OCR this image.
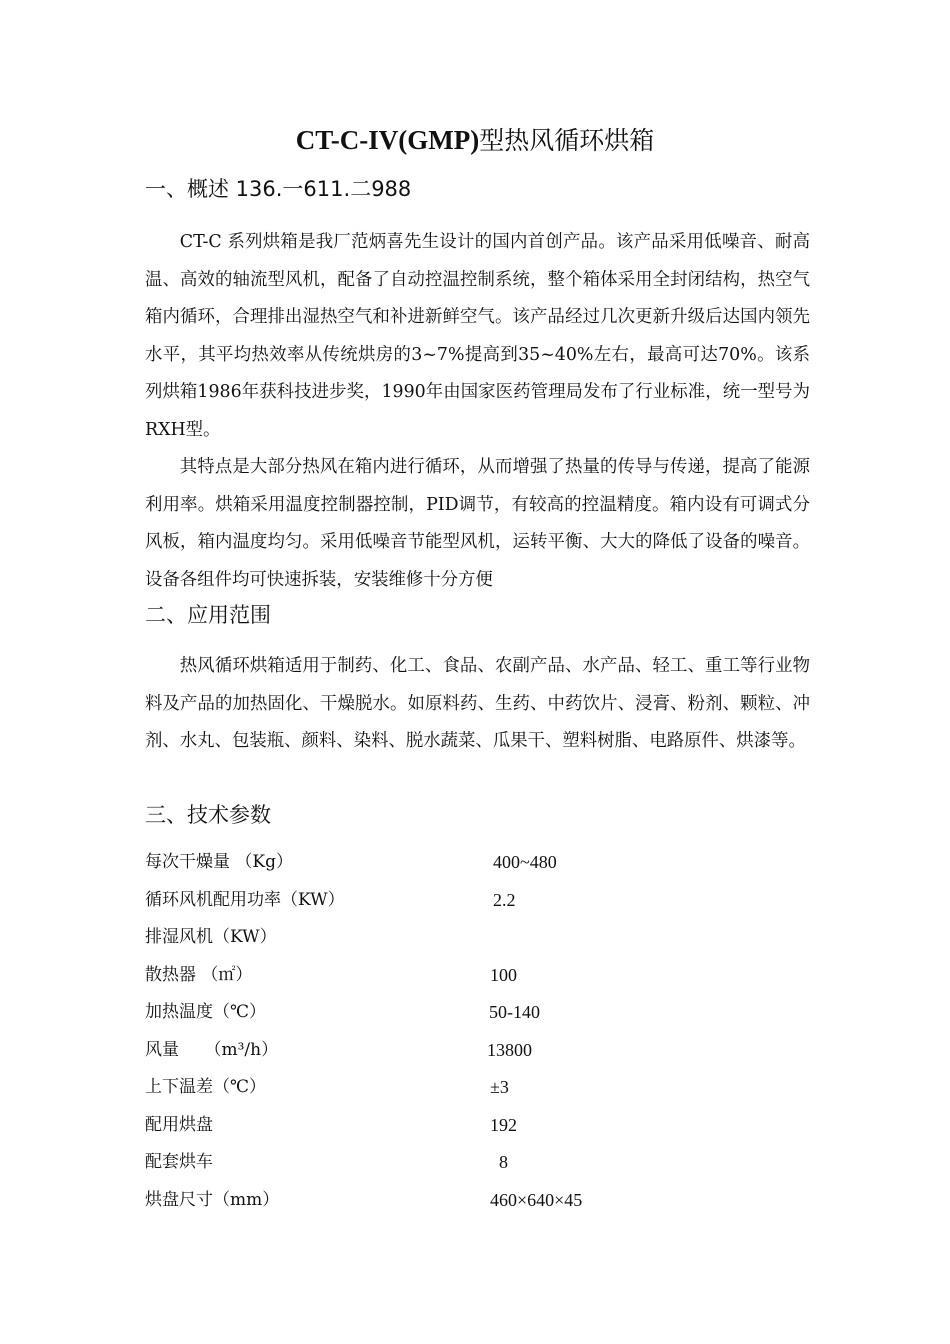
CT-C-IV(GMP)型热风循环烘箱
一、概述 136.一611.二988

CT-C 系列烘箱是我厂范炳喜先生设计的国内首创产品。该产品采用低噪音、耐高温、高效的轴流型风机，配备了自动控温控制系统，整个箱体采用全封闭结构，热空气箱内循环，合理排出湿热空气和补进新鲜空气。该产品经过几次更新升级后达国内领先水平，其平均热效率从传统烘房的3~7%提高到35~40%左右，最高可达70%。该系列烘箱1986年获科技进步奖，1990年由国家医药管理局发布了行业标准，统一型号为RXH型。

其特点是大部分热风在箱内进行循环，从而增强了热量的传导与传递，提高了能源利用率。烘箱采用温度控制器控制，PID调节，有较高的控温精度。箱内设有可调式分风板，箱内温度均匀。采用低噪音节能型风机，运转平衡、大大的降低了设备的噪音。设备各组件均可快速拆装，安装维修十分方便

二、应用范围

热风循环烘箱适用于制药、化工、食品、农副产品、水产品、轻工、重工等行业物料及产品的加热固化、干燥脱水。如原料药、生药、中药饮片、浸膏、粉剂、颗粒、冲剂、水丸、包装瓶、颜料、染料、脱水蔬菜、瓜果干、塑料树脂、电路原件、烘漆等。

三、技术参数
每次干燥量 （Kg）	400~480
循环风机配用功率（KW）	2.2
排湿风机（KW）
散热器 （㎡）	100
加热温度（℃）	50-140
风量　　（m³/h）	13800
上下温差（℃）	±3
配用烘盘	192
配套烘车	8
烘盘尺寸（mm）	460×640×45
